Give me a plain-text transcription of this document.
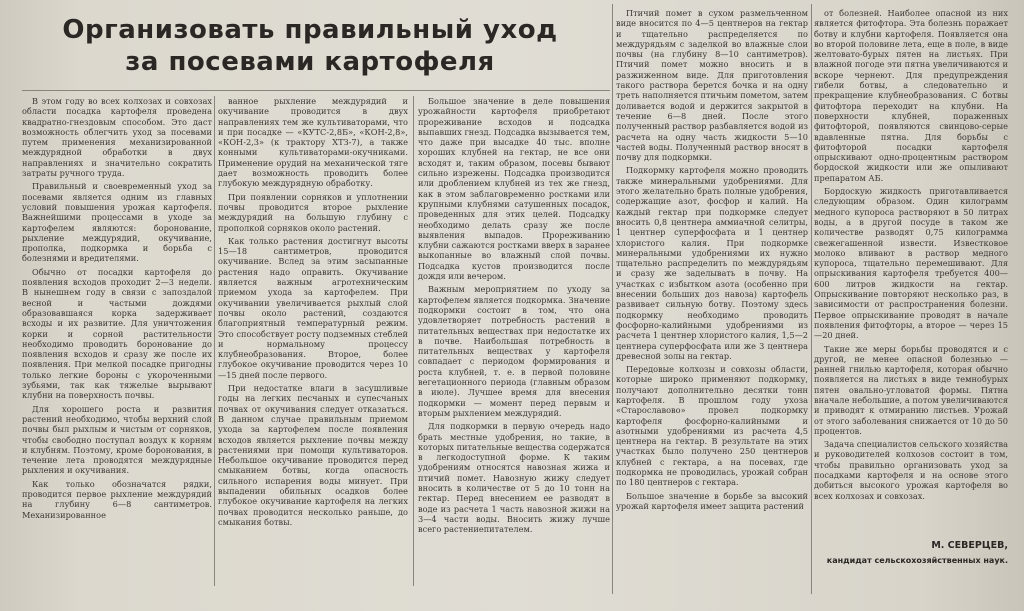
Организовать правильный уход
за посевами картофеля

В этом году во всех колхозах и совхозах области посадка картофеля проведена квадратно-гнездовым способом. Это даст возможность облегчить уход за посевами путем применения механизированной междурядной обработки в двух направлениях и значительно сократить затраты ручного труда.

Правильный и своевременный уход за посевами является одним из главных условий повышения урожая картофеля. Важнейшими процессами в уходе за картофелем являются: боронование, рыхление междурядий, окучивание, прополка, подкормка и борьба с болезнями и вредителями.

Обычно от посадки картофеля до появления всходов проходит 2—3 недели. В нынешнем году в связи с запоздалой весной и частыми дождями образовавшаяся корка задерживает всходы и их развитие. Для уничтожения корки и сорной растительности необходимо проводить боронование до появления всходов и сразу же после их появления. При мелкой посадке пригодны только легкие бороны с укороченными зубьями, так как тяжелые вырывают клубни на поверхность почвы.

Для хорошего роста и развития растений необходимо, чтобы верхний слой почвы был рыхлым и чистым от сорняков, чтобы свободно поступал воздух к корням и клубням. Поэтому, кроме боронования, в течение лета проводятся междурядные рыхления и окучивания.

Как только обозначатся рядки, проводится первое рыхление междурядий на глубину 6—8 сантиметров. Механизированное

ванное рыхление междурядий и окучивание проводится в двух направлениях тем же культиваторами, что и при посадке — «КУТС-2,8Б», «КОН-2,8», «КОН-2,3» (к трактору ХТЗ-7), а также конными культиваторами-окучниками. Применение орудий на механической тяге дает возможность проводить более глубокую междурядную обработку.

При появлении сорняков и уплотнении почвы проводится второе рыхление междурядий на большую глубину с прополкой сорняков около растений.

Как только растения достигнут высоты 15—18 сантиметров, проводится окучивание. Вслед за этим засыпанные растения надо оправить. Окучивание является важным агротехническим приемом ухода за картофелем. При окучивании увеличивается рыхлый слой почвы около растений, создаются благоприятный температурный режим. Это способствует росту подземных стеблей и нормальному процессу клубнеобразования. Второе, более глубокое окучивание проводится через 10—15 дней после первого.

При недостатке влаги в засушливые годы на легких песчаных и супесчаных почвах от окучивания следует отказаться. В данном случае правильным приемом ухода за картофелем после появления всходов является рыхление почвы между растениями при помощи культиваторов. Небольшое окучивание проводится перед смыканием ботвы, когда опасность сильного испарения воды минует. При выпадении обильных осадков более глубокое окучивание картофеля на легких почвах проводится несколько раньше, до смыкания ботвы.

Большое значение в деле повышения урожайности картофеля приобретают прореживание всходов и подсадка выпавших гнезд. Подсадка вызывается тем, что даже при высадке 40 тыс. вполне хороших клубней на гектар, не все они всходят и, таким образом, посевы бывают сильно изрежены. Подсадка производится или дроблением клубней из тех же гнезд, как в этом заблаговременно ростками или крупными клубнями сатушенных посадок, проведенных для этих целей. Подсадку необходимо делать сразу же после выявления выпадов. Прореживанию клубни сажаются ростками вверх в заранее выкопанные во влажный слой почвы. Подсадка кустов производится после дождя или вечером.

Важным мероприятием по уходу за картофелем является подкормка. Значение подкормки состоит в том, что она удовлетворяет потребность растений в питательных веществах при недостатке их в почве. Наибольшая потребность в питательных веществах у картофеля совпадает с периодом формирования и роста клубней, т. е. в первой половине вегетационного периода (главным образом в июле). Лучшее время для внесения подкормки — момент перед первым и вторым рыхлением междурядий.

Для подкормки в первую очередь надо брать местные удобрения, но такие, в которых питательные вещества содержатся в легкодоступной форме. К таким удобрениям относятся навозная жижа и птичий помет. Навозную жижу следует вносить в количестве от 5 до 10 тонн на гектар. Перед внесением ее разводят в воде из расчета 1 часть навозной жижи на 3—4 части воды. Вносить жижу лучше всего растениепитателем.

Птичий помет в сухом размельченном виде вносится по 4—5 центнеров на гектар и тщательно распределяется по междурядьям с заделкой во влажные слои почвы (на глубину 8—10 сантиметров). Птичий помет можно вносить и в разжиженном виде. Для приготовления такого раствора берется бочка и на одну треть наполняется птичьим пометом, затем доливается водой и держится закрытой в течение 6—8 дней. После этого полученный раствор разбавляется водой из расчета на одну часть жидкости 5—10 частей воды. Полученный раствор вносят в почву для подкормки.

Подкормку картофеля можно проводить также минеральными удобрениями. Для этого желательно брать полные удобрения, содержащие азот, фосфор и калий. На каждый гектар при подкормке следует вносить 0,8 центнера аммиачной селитры, 1 центнер суперфосфата и 1 центнер хлористого калия. При подкормке минеральными удобрениями их нужно тщательно распределить по междурядьям и сразу же заделывать в почву. На участках с избытком азота (особенно при внесении больших доз навоза) картофель развивает сильную ботву. Поэтому здесь подкормку необходимо проводить фосфорно-калийными удобрениями из расчета 1 центнер хлористого калия, 1,5—2 центнера суперфосфата или же 3 центнера древесной золы на гектар.

Передовые колхозы и совхозы области, которые широко применяют подкормку, получают дополнительно десятки тонн картофеля. В прошлом году ухоза «Старославово» провел подкормку картофеля фосфорно-калийными и азотными удобрениями из расчета 4,5 центнера на гектар. В результате на этих участках было получено 250 центнеров клубней с гектара, а на посевах, где подкормка не проводилась, урожай собран по 180 центнеров с гектара.

Большое значение в борьбе за высокий урожай картофеля имеет защита растений

от болезней. Наиболее опасной из них является фитофтора. Эта болезнь поражает ботву и клубни картофеля. Появляется она во второй половине лета, еще в поле, в виде желтовато-бурых пятен на листьях. При влажной погоде эти пятна увеличиваются и вскоре чернеют. Для предупреждения гибели ботвы, а следовательно и прекращение клубнеобразования. С ботвы фитофтора переходит на клубни. На поверхности клубней, пораженных фитофторой, появляются свинцово-серые вдавленные пятна. Для борьбы с фитофторой посадки картофеля опрыскивают одно-процентным раствором бордоской жидкости или же опыливают препаратом АБ.

Бордоскую жидкость приготавливается следующим образом. Один килограмм медного купороса растворяют в 50 литрах воды, а в другой посуде в таком же количестве разводят 0,75 килограмма свежегашенной извести. Известковое молоко вливают в раствор медного купороса, тщательно перемешивают. Для опрыскивания картофеля требуется 400—600 литров жидкости на гектар. Опрыскивание повторяют несколько раз, в зависимости от распространения болезни. Первое опрыскивание проводят в начале появления фитофторы, а второе — через 15—20 дней.

Такие же меры борьбы проводятся и с другой, не менее опасной болезнью — ранней гнилью картофеля, которая обычно появляется на листьях в виде темнобурых пятен овально-угловатой формы. Пятна вначале небольшие, а потом увеличиваются и приводят к отмиранию листьев. Урожай от этого заболевания снижается от 10 до 50 процентов.

Задача специалистов сельского хозяйства и руководителей колхозов состоит в том, чтобы правильно организовать уход за посадками картофеля и на основе этого добиться высокого урожая картофеля во всех колхозах и совхозах.

М. СЕВЕРЦЕВ,
кандидат сельскохозяйственных наук.
